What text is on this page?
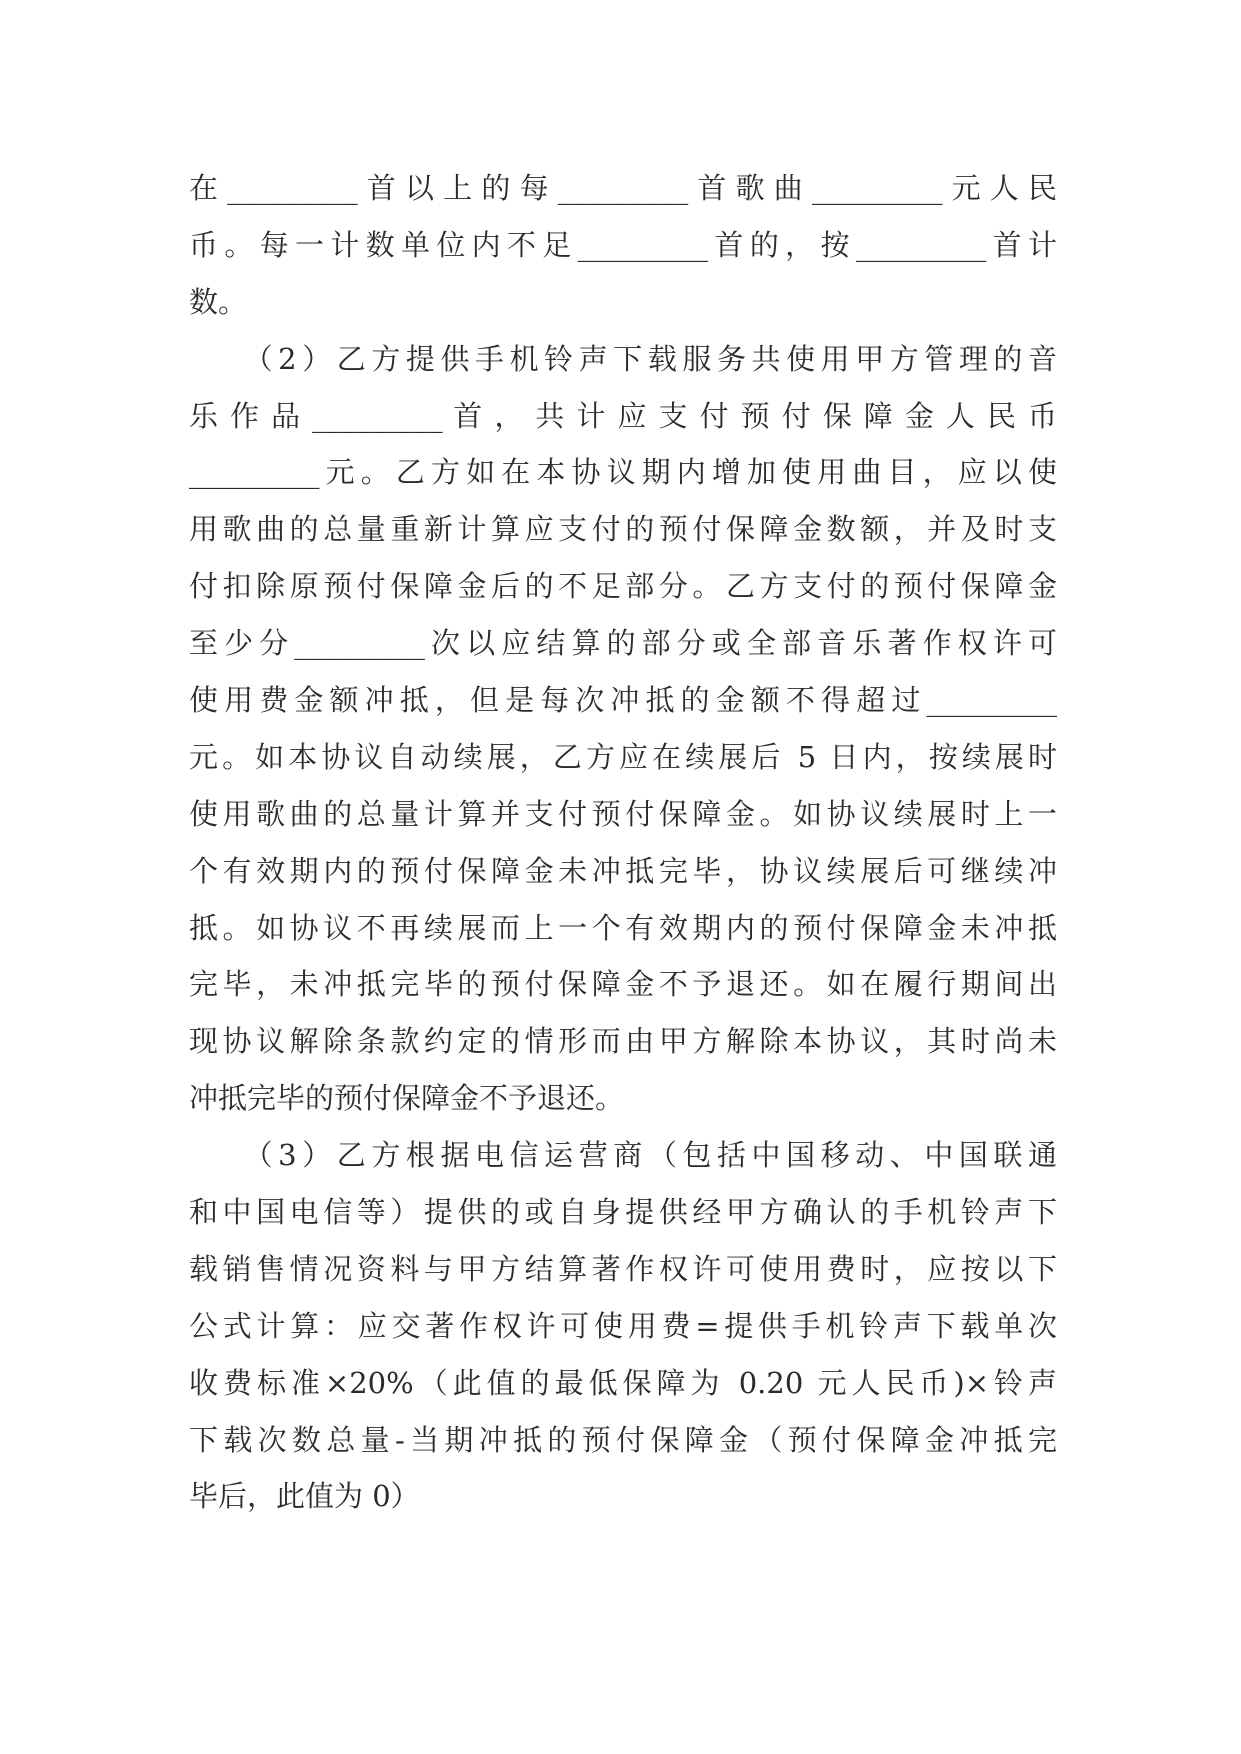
在_________首以上的每_________首歌曲_________元人民
币。每一计数单位内不足_________首的，按_________首计
数。
　　（2）乙方提供手机铃声下载服务共使用甲方管理的音
乐 作 品 _________ 首 ， 共 计 应 支 付 预 付 保 障 金 人 民 币
_________元。乙方如在本协议期内增加使用曲目，应以使
用歌曲的总量重新计算应支付的预付保障金数额，并及时支
付扣除原预付保障金后的不足部分。乙方支付的预付保障金
至少分_________次以应结算的部分或全部音乐著作权许可
使用费金额冲抵，但是每次冲抵的金额不得超过_________
元。如本协议自动续展，乙方应在续展后 5 日内，按续展时
使用歌曲的总量计算并支付预付保障金。如协议续展时上一
个有效期内的预付保障金未冲抵完毕，协议续展后可继续冲
抵。如协议不再续展而上一个有效期内的预付保障金未冲抵
完毕，未冲抵完毕的预付保障金不予退还。如在履行期间出
现协议解除条款约定的情形而由甲方解除本协议，其时尚未
冲抵完毕的预付保障金不予退还。
　　（3）乙方根据电信运营商（包括中国移动、中国联通
和中国电信等）提供的或自身提供经甲方确认的手机铃声下
载销售情况资料与甲方结算著作权许可使用费时，应按以下
公式计算：应交著作权许可使用费=提供手机铃声下载单次
收费标准×20%（此值的最低保障为 0.20 元人民币)×铃声
下载次数总量-当期冲抵的预付保障金（预付保障金冲抵完
毕后，此值为 0）
